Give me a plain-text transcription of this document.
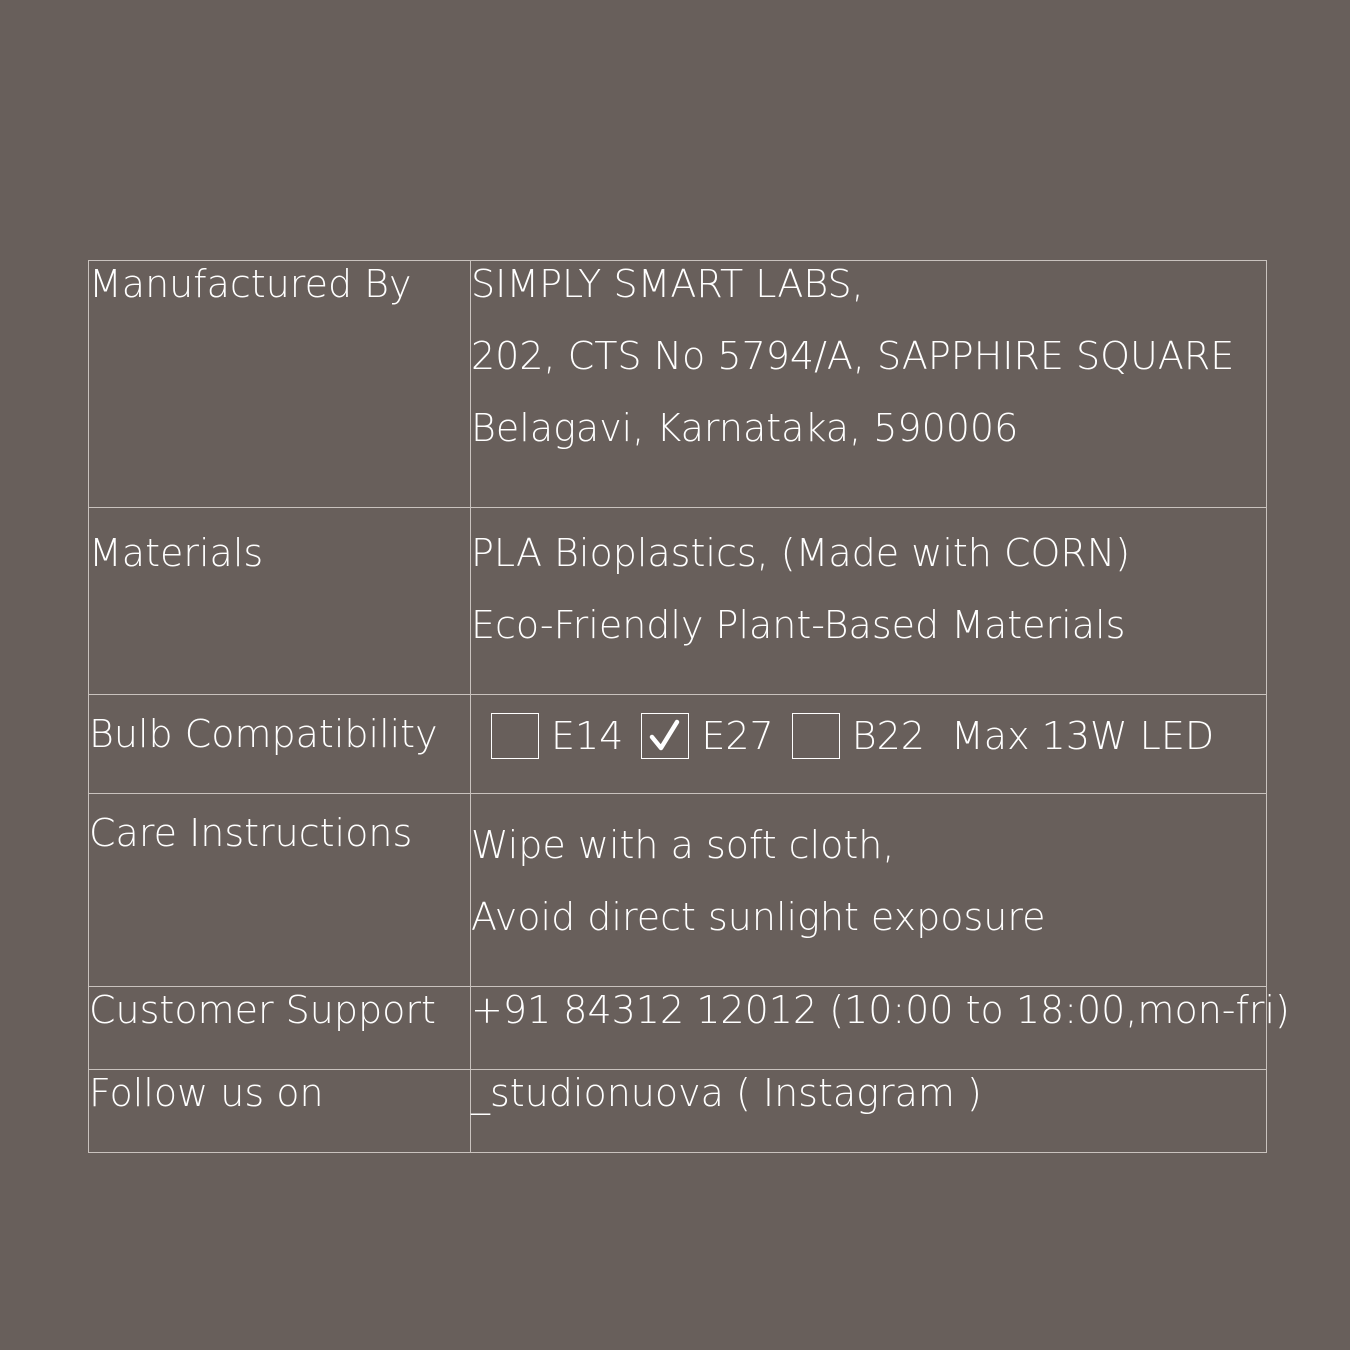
Manufactured By	SIMPLY SMART LABS,
202, CTS No 5794/A, SAPPHIRE SQUARE
Belagavi, Karnataka, 590006

Materials	PLA Bioplastics, (Made with CORN)
Eco-Friendly Plant-Based Materials

Bulb Compatibility	E14 E27 B22 Max 13W LED

Care Instructions	Wipe with a soft cloth,
Avoid direct sunlight exposure

Customer Support	+91 84312 12012 (10:00 to 18:00,mon-fri)

Follow us on	_studionuova ( Instagram )
